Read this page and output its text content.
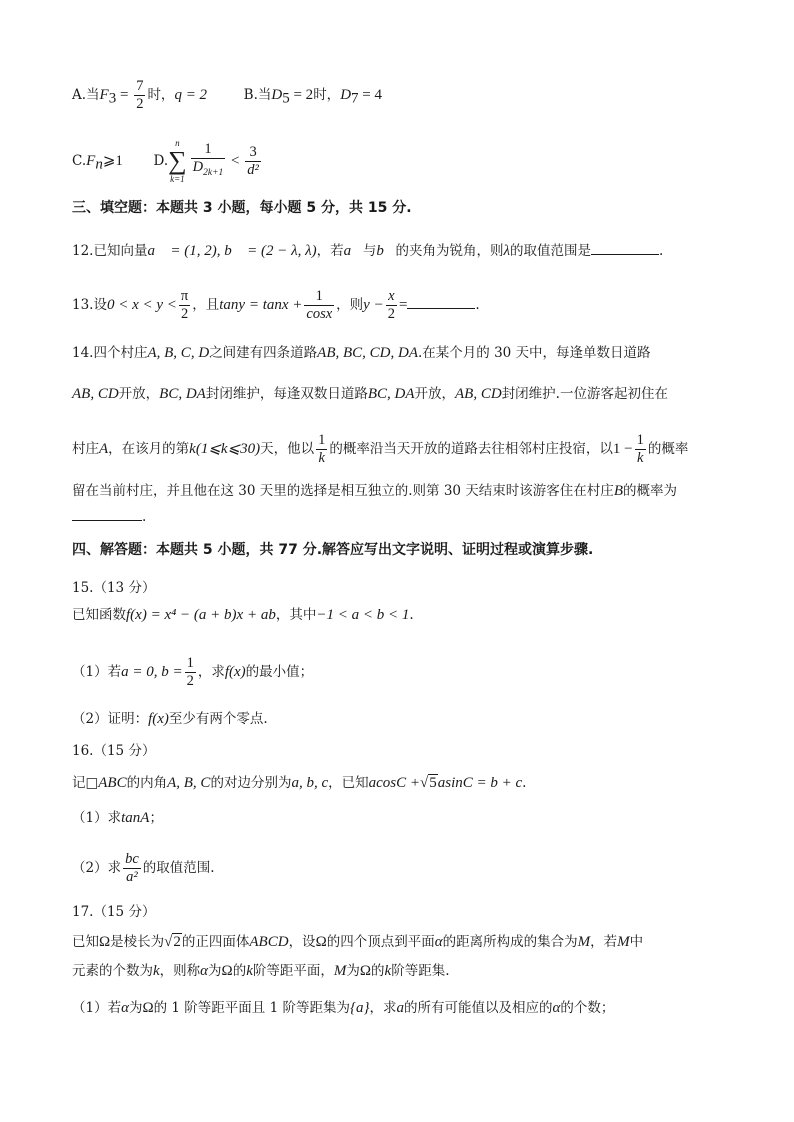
A.当$F_3 = \frac{7}{2}$ 时，q = 2	B.当$D_5 = 2$时，$D_7 = 4$
$C.F_n⩾1$ D.
n
∑
$k=1 \frac{1}{D_{2k+1}} < \frac{3}{\text{d²}}$
三、填空题：本题共 3 小题，每小题 5 分，共 15 分.
12.已知向量a⃗ = (1, 2), b⃗ = (2 − λ, λ)，若a⃗与b⃗的夹角为锐角，则λ的取值范围是	.
13.设$0 < x < y < \frac{\pi}{2}$ ，且$\tan y = \tan x + \frac{1}{\cos x}$ ，则$y - \frac{x}{2}$ =	.
14.四个村庄A, B, C, D之间建有四条道路AB, BC, CD, DA.在某个月的 30 天中，每逢单数日道路
AB, CD开放，BC, DA封闭维护，每逢双数日道路BC, DA开放，AB, CD封闭维护.一位游客起初住在
村庄A，在该月的第k(1⩽k⩽30)天，他以 $\frac{1}{k}$ 的概率沿当天开放的道路去往相邻村庄投宿，以$1 - \frac{1}{k}$ 的概率
留在当前村庄，并且他在这 30 天里的选择是相互独立的.则第 30 天结束时该游客住在村庄B的概率为
.
四、解答题：本题共 5 小题，共 77 分.解答应写出文字说明、证明过程或演算步骤.
15.（13 分）
已知函数f(x) = x⁴ − (a + b)x + ab，其中−1 < a < b < 1.
（1）若a = 0, $b = \frac{1}{2}$ ，求f(x)的最小值；
（2）证明：f(x)至少有两个零点.
16.（15 分）
记□ABC的内角A, B, C的对边分别为a, b, c，已知acosC +√5asinC = b + c.
（1）求tanA；
（2）求 $\frac{bc}{\text{a²}}$ 的取值范围.
17.（15 分）
已知Ω是棱长为√2的正四面体ABCD，设Ω的四个顶点到平面α的距离所构成的集合为M，若M中
元素的个数为k，则称α为Ω的k阶等距平面，M为Ω的k阶等距集.
（1）若α为Ω的 1 阶等距平面且 1 阶等距集为{a}，求a的所有可能值以及相应的α的个数；
